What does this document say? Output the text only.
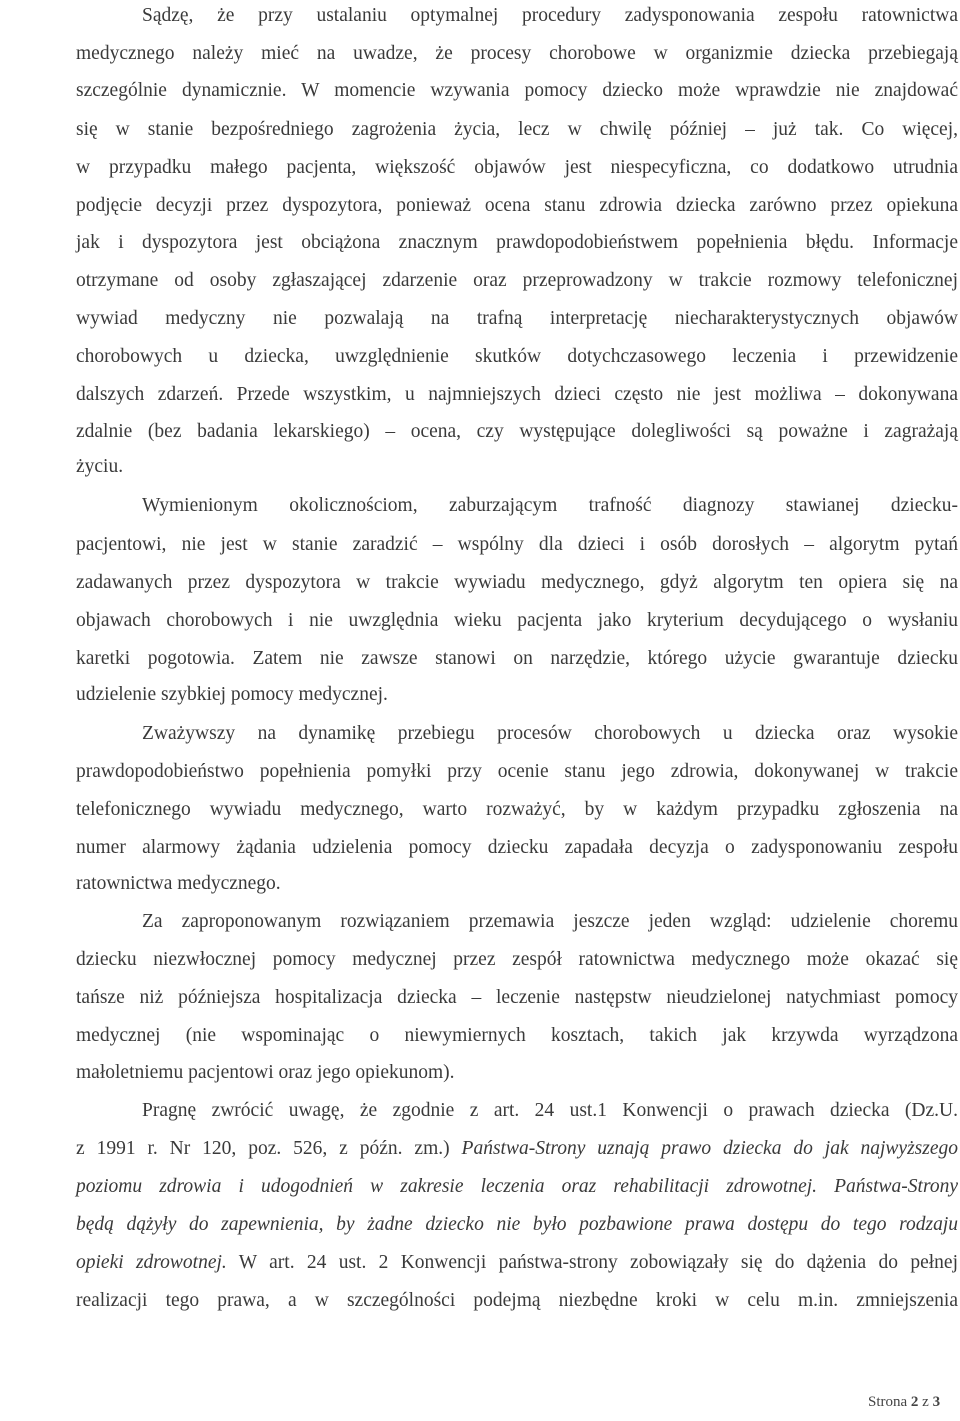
Sądzę, że przy ustalaniu optymalnej procedury zadysponowania zespołu ratownictwa
medycznego należy mieć na uwadze, że procesy chorobowe w organizmie dziecka przebiegają
szczególnie dynamicznie. W momencie wzywania pomocy dziecko może wprawdzie nie znajdować
się w stanie bezpośredniego zagrożenia życia, lecz w chwilę później – już tak. Co więcej,
w przypadku małego pacjenta, większość objawów jest niespecyficzna, co dodatkowo utrudnia
podjęcie decyzji przez dyspozytora, ponieważ ocena stanu zdrowia dziecka zarówno przez opiekuna
jak i dyspozytora jest obciążona znacznym prawdopodobieństwem popełnienia błędu. Informacje
otrzymane od osoby zgłaszającej zdarzenie oraz przeprowadzony w trakcie rozmowy telefonicznej
wywiad medyczny nie pozwalają na trafną interpretację niecharakterystycznych objawów
chorobowych u dziecka, uwzględnienie skutków dotychczasowego leczenia i przewidzenie
dalszych zdarzeń. Przede wszystkim, u najmniejszych dzieci często nie jest możliwa – dokonywana
zdalnie (bez badania lekarskiego) – ocena, czy występujące dolegliwości są poważne i zagrażają
życiu.
Wymienionym okolicznościom, zaburzającym trafność diagnozy stawianej dziecku-
pacjentowi, nie jest w stanie zaradzić – wspólny dla dzieci i osób dorosłych – algorytm pytań
zadawanych przez dyspozytora w trakcie wywiadu medycznego, gdyż algorytm ten opiera się na
objawach chorobowych i nie uwzględnia wieku pacjenta jako kryterium decydującego o wysłaniu
karetki pogotowia. Zatem nie zawsze stanowi on narzędzie, którego użycie gwarantuje dziecku
udzielenie szybkiej pomocy medycznej.
Zważywszy na dynamikę przebiegu procesów chorobowych u dziecka oraz wysokie
prawdopodobieństwo popełnienia pomyłki przy ocenie stanu jego zdrowia, dokonywanej w trakcie
telefonicznego wywiadu medycznego, warto rozważyć, by w każdym przypadku zgłoszenia na
numer alarmowy żądania udzielenia pomocy dziecku zapadała decyzja o zadysponowaniu zespołu
ratownictwa medycznego.
Za zaproponowanym rozwiązaniem przemawia jeszcze jeden wzgląd: udzielenie choremu
dziecku niezwłocznej pomocy medycznej przez zespół ratownictwa medycznego może okazać się
tańsze niż późniejsza hospitalizacja dziecka – leczenie następstw nieudzielonej natychmiast pomocy
medycznej (nie wspominając o niewymiernych kosztach, takich jak krzywda wyrządzona
małoletniemu pacjentowi oraz jego opiekunom).
Pragnę zwrócić uwagę, że zgodnie z art. 24 ust.1 Konwencji o prawach dziecka (Dz.U.
z 1991 r. Nr 120, poz. 526, z późn. zm.) Państwa-Strony uznają prawo dziecka do jak najwyższego
poziomu zdrowia i udogodnień w zakresie leczenia oraz rehabilitacji zdrowotnej. Państwa-Strony
będą dążyły do zapewnienia, by żadne dziecko nie było pozbawione prawa dostępu do tego rodzaju
opieki zdrowotnej. W art. 24 ust. 2 Konwencji państwa-strony zobowiązały się do dążenia do pełnej
realizacji tego prawa, a w szczególności podejmą niezbędne kroki w celu m.in. zmniejszenia
Strona 2 z 3
